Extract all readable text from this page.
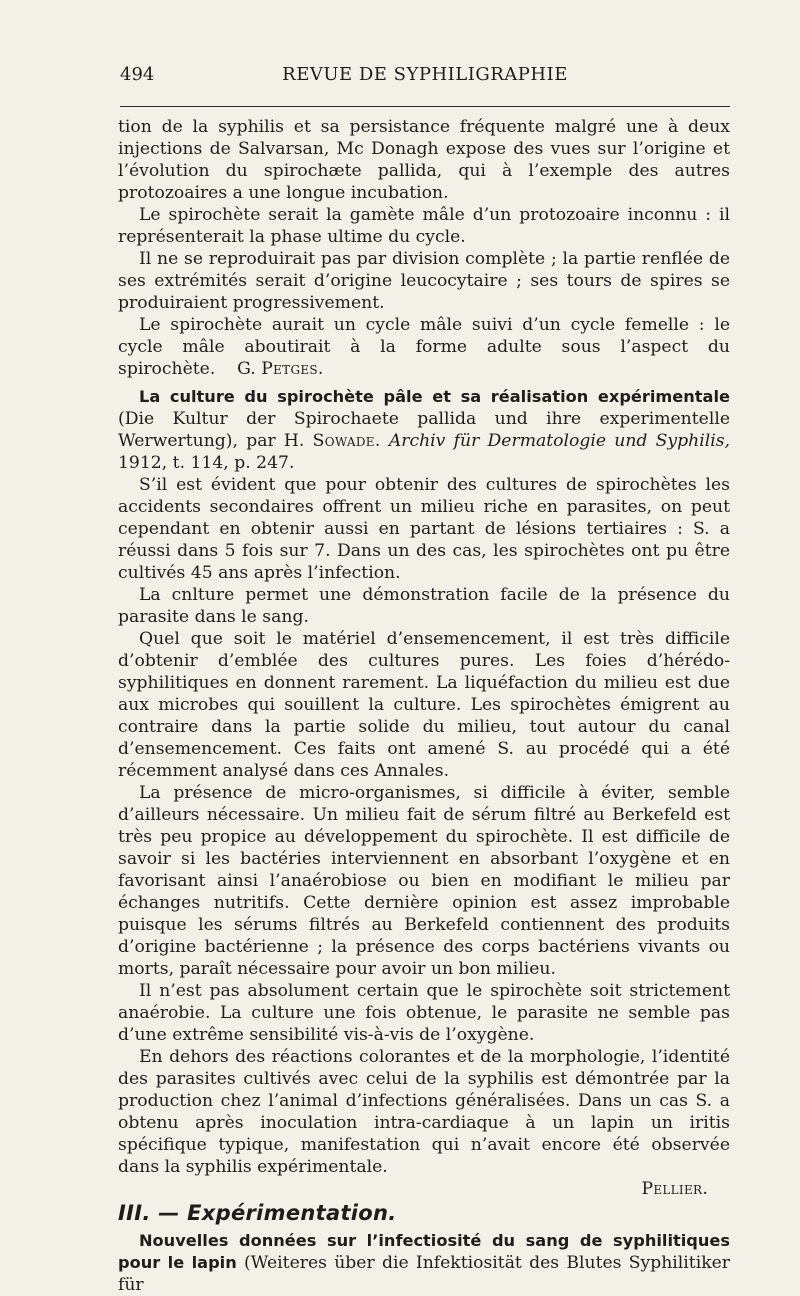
494	REVUE DE SYPHILIGRAPHIE

tion de la syphilis et sa persistance fréquente malgré une à deux injections de Salvarsan, Mc Donagh expose des vues sur l’origine et l’évolution du spirochæte pallida, qui à l’exemple des autres protozoaires a une longue incubation.

Le spirochète serait la gamète mâle d’un protozoaire inconnu : il représenterait la phase ultime du cycle.

Il ne se reproduirait pas par division complète ; la partie renflée de ses extrémités serait d’origine leucocytaire ; ses tours de spires se produiraient progressivement.

Le spirochète aurait un cycle mâle suivi d’un cycle femelle : le cycle mâle aboutirait à la forme adulte sous l’aspect du spirochète. G. Petges.

La culture du spirochète pâle et sa réalisation expérimentale (Die Kultur der Spirochaete pallida und ihre experimentelle Werwertung), par H. Sowade. Archiv für Dermatologie und Syphilis, 1912, t. 114, p. 247.

S’il est évident que pour obtenir des cultures de spirochètes les accidents secondaires offrent un milieu riche en parasites, on peut cependant en obtenir aussi en partant de lésions tertiaires : S. a réussi dans 5 fois sur 7. Dans un des cas, les spirochètes ont pu être cultivés 45 ans après l’infection.

La cnlture permet une démonstration facile de la présence du parasite dans le sang.

Quel que soit le matériel d’ensemencement, il est très difficile d’obtenir d’emblée des cultures pures. Les foies d’hérédo-syphilitiques en donnent rarement. La liquéfaction du milieu est due aux microbes qui souillent la culture. Les spirochètes émigrent au contraire dans la partie solide du milieu, tout autour du canal d’ensemencement. Ces faits ont amené S. au procédé qui a été récemment analysé dans ces Annales.

La présence de micro-organismes, si difficile à éviter, semble d’ailleurs nécessaire. Un milieu fait de sérum filtré au Berkefeld est très peu propice au développement du spirochète. Il est difficile de savoir si les bactéries interviennent en absorbant l’oxygène et en favorisant ainsi l’anaérobiose ou bien en modifiant le milieu par échanges nutritifs. Cette dernière opinion est assez improbable puisque les sérums filtrés au Berkefeld contiennent des produits d’origine bactérienne ; la présence des corps bactériens vivants ou morts, paraît nécessaire pour avoir un bon milieu.

Il n’est pas absolument certain que le spirochète soit strictement anaérobie. La culture une fois obtenue, le parasite ne semble pas d’une extrême sensibilité vis-à-vis de l’oxygène.

En dehors des réactions colorantes et de la morphologie, l’identité des parasites cultivés avec celui de la syphilis est démontrée par la production chez l’animal d’infections généralisées. Dans un cas S. a obtenu après inoculation intra-cardiaque à un lapin un iritis spécifique typique, manifestation qui n’avait encore été observée dans la syphilis expérimentale.

Pellier.

III. — Expérimentation.

Nouvelles données sur l’infectiosité du sang de syphilitiques pour le lapin (Weiteres über die Infektiosität des Blutes Syphilitiker für
